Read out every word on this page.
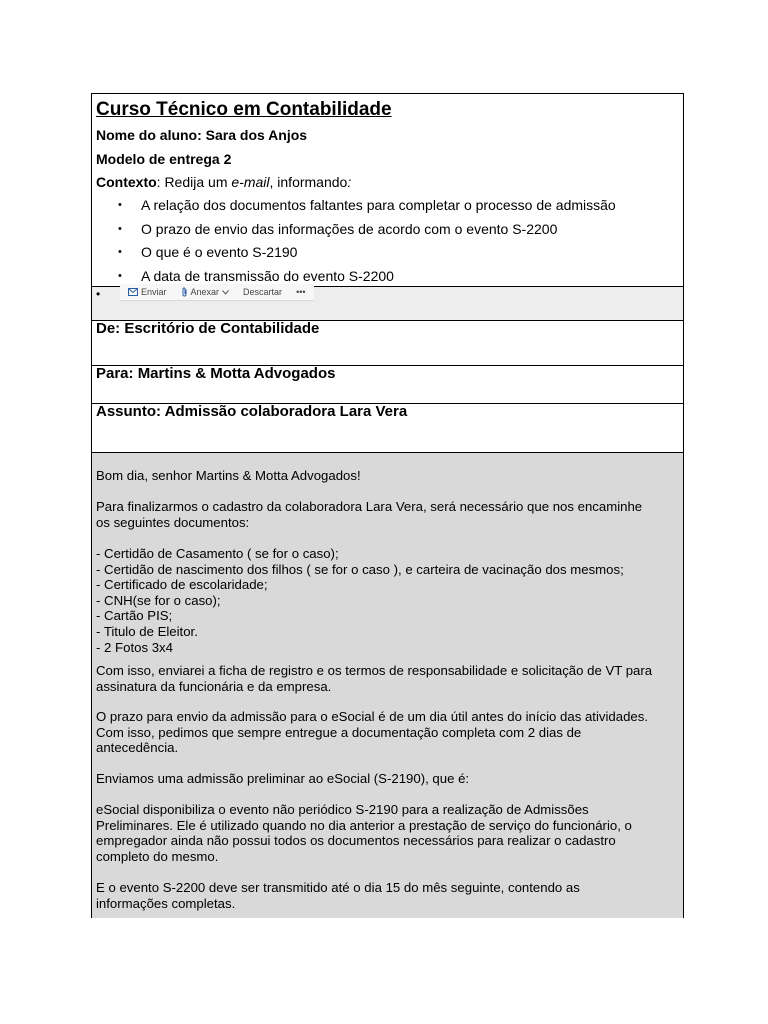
Curso Técnico em Contabilidade
Nome do aluno: Sara dos Anjos
Modelo de entrega 2
Contexto: Redija um e-mail, informando:
• A relação dos documentos faltantes para completar o processo de admissão
• O prazo de envio das informações de acordo com o evento S-2200
• O que é o evento S-2190
• A data de transmissão do evento S-2200
•	Enviar	Anexar	Descartar •••
De: Escritório de Contabilidade
Para: Martins & Motta Advogados
Assunto: Admissão colaboradora Lara Vera
Bom dia, senhor Martins & Motta Advogados!
Para finalizarmos o cadastro da colaboradora Lara Vera, será necessário que nos encaminhe
os seguintes documentos:
- Certidão de Casamento ( se for o caso);
- Certidão de nascimento dos filhos ( se for o caso ), e carteira de vacinação dos mesmos;
- Certificado de escolaridade;
- CNH(se for o caso);
- Cartão PIS;
- Titulo de Eleitor.
- 2 Fotos 3x4
Com isso, enviarei a ficha de registro e os termos de responsabilidade e solicitação de VT para
assinatura da funcionária e da empresa.
O prazo para envio da admissão para o eSocial é de um dia útil antes do início das atividades.
Com isso, pedimos que sempre entregue a documentação completa com 2 dias de
antecedência.
Enviamos uma admissão preliminar ao eSocial (S-2190), que é:
eSocial disponibiliza o evento não periódico S-2190 para a realização de Admissões
Preliminares. Ele é utilizado quando no dia anterior a prestação de serviço do funcionário, o
empregador ainda não possui todos os documentos necessários para realizar o cadastro
completo do mesmo.
E o evento S-2200 deve ser transmitido até o dia 15 do mês seguinte, contendo as
informações completas.
